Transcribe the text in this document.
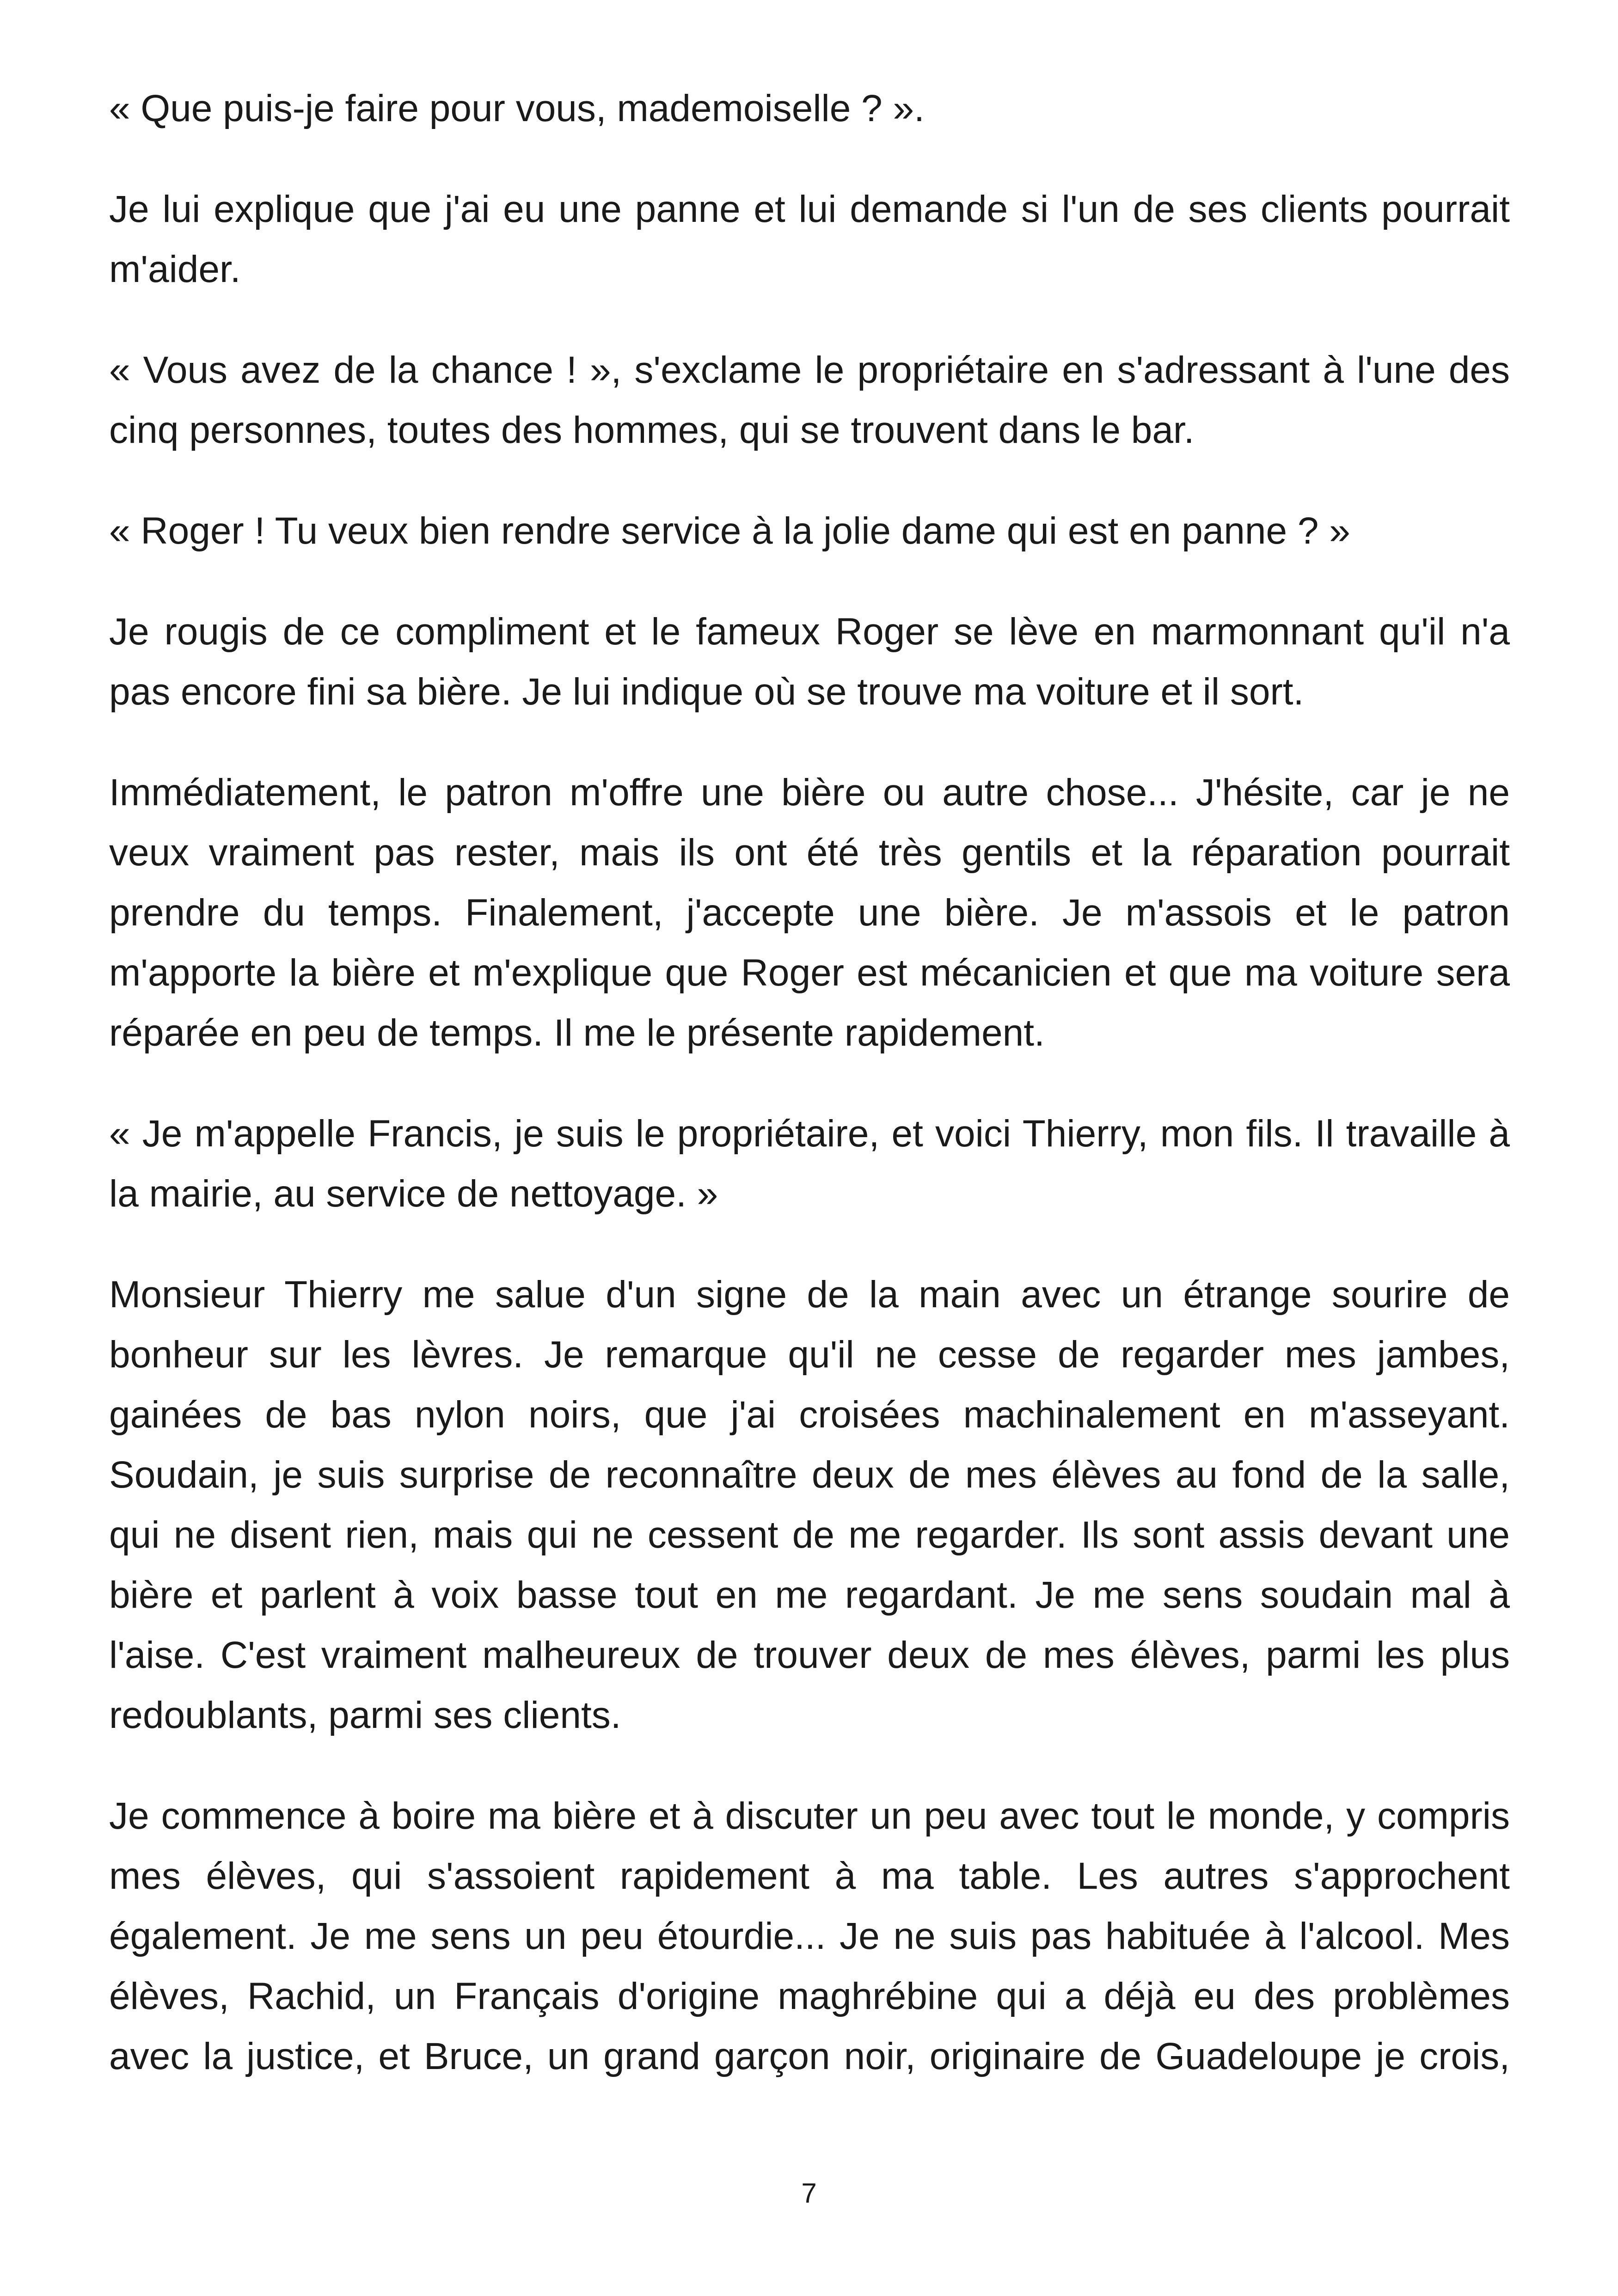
« Que puis-je faire pour vous, mademoiselle ? ».

Je lui explique que j'ai eu une panne et lui demande si l'un de ses clients pourrait m'aider.

« Vous avez de la chance ! », s'exclame le propriétaire en s'adressant à l'une des cinq personnes, toutes des hommes, qui se trouvent dans le bar.

« Roger ! Tu veux bien rendre service à la jolie dame qui est en panne ? »

Je rougis de ce compliment et le fameux Roger se lève en marmonnant qu'il n'a pas encore fini sa bière. Je lui indique où se trouve ma voiture et il sort.

Immédiatement, le patron m'offre une bière ou autre chose... J'hésite, car je ne veux vraiment pas rester, mais ils ont été très gentils et la réparation pourrait prendre du temps. Finalement, j'accepte une bière. Je m'assois et le patron m'apporte la bière et m'explique que Roger est mécanicien et que ma voiture sera réparée en peu de temps. Il me le présente rapidement.

« Je m'appelle Francis, je suis le propriétaire, et voici Thierry, mon fils. Il travaille à la mairie, au service de nettoyage. »

Monsieur Thierry me salue d'un signe de la main avec un étrange sourire de bonheur sur les lèvres. Je remarque qu'il ne cesse de regarder mes jambes, gainées de bas nylon noirs, que j'ai croisées machinalement en m'asseyant. Soudain, je suis surprise de reconnaître deux de mes élèves au fond de la salle, qui ne disent rien, mais qui ne cessent de me regarder. Ils sont assis devant une bière et parlent à voix basse tout en me regardant. Je me sens soudain mal à l'aise. C'est vraiment malheureux de trouver deux de mes élèves, parmi les plus redoublants, parmi ses clients.

Je commence à boire ma bière et à discuter un peu avec tout le monde, y compris mes élèves, qui s'assoient rapidement à ma table. Les autres s'approchent également. Je me sens un peu étourdie... Je ne suis pas habituée à l'alcool. Mes élèves, Rachid, un Français d'origine maghrébine qui a déjà eu des problèmes avec la justice, et Bruce, un grand garçon noir, originaire de Guadeloupe je crois,

7
